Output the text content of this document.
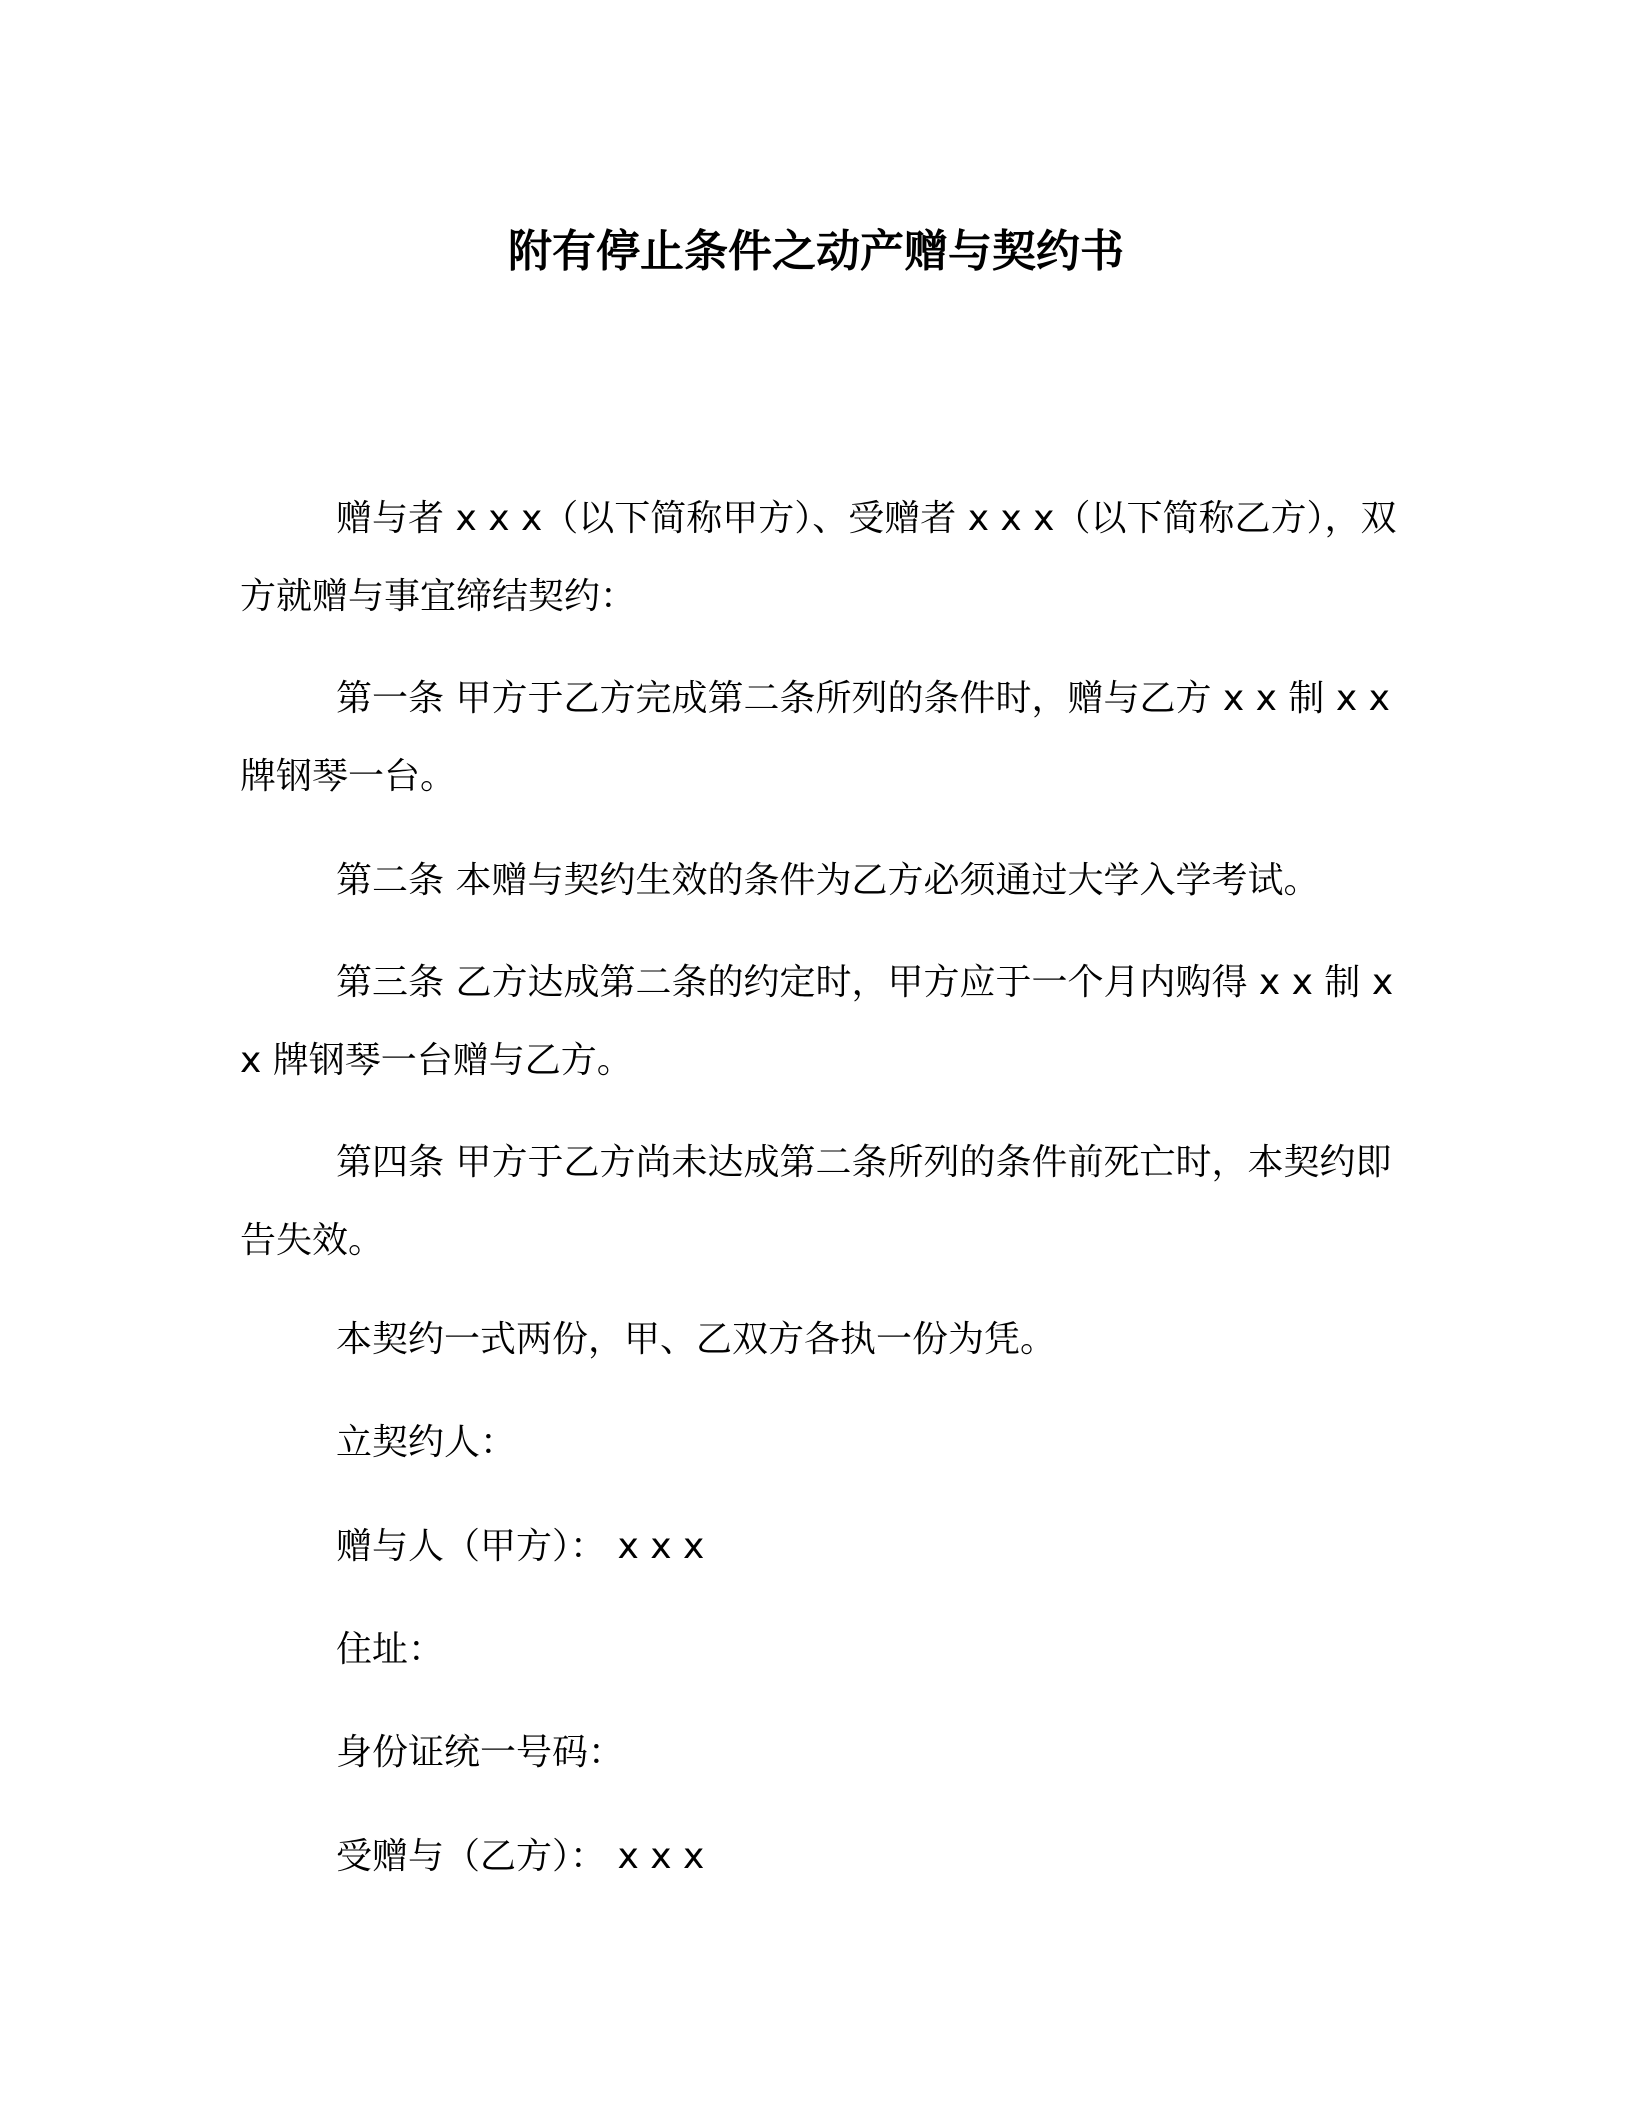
附有停止条件之动产赠与契约书
赠与者 x x x（以下简称甲方）、受赠者 x x x（以下简称乙方），双方就赠与事宜缔结契约：
第一条 甲方于乙方完成第二条所列的条件时，赠与乙方 x x 制 x x 牌钢琴一台。
第二条 本赠与契约生效的条件为乙方必须通过大学入学考试。
第三条 乙方达成第二条的约定时，甲方应于一个月内购得 x x 制 x x 牌钢琴一台赠与乙方。
第四条 甲方于乙方尚未达成第二条所列的条件前死亡时，本契约即告失效。
本契约一式两份，甲、乙双方各执一份为凭。
立契约人：
赠与人（甲方）： x x x
住址：
身份证统一号码：
受赠与（乙方）： x x x
